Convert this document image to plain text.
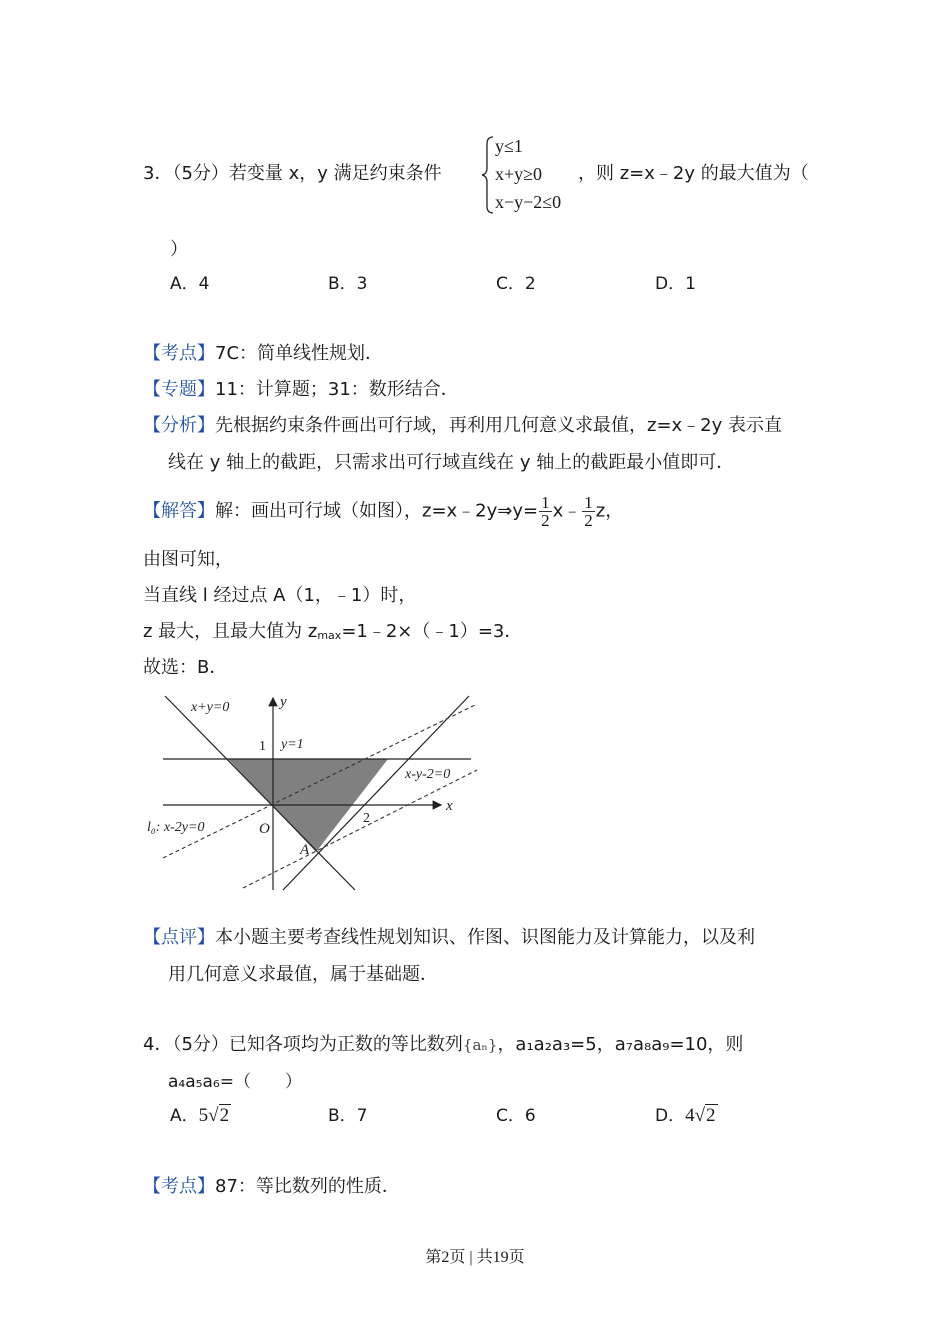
3．（5分）若变量 x，y 满足约束条件
y≤1
x+y≥0
x−y−2≤0
，则 z=x﹣2y 的最大值为（
）
A．4	B．3	C．2	D．1
【考点】7C：简单线性规划．
【专题】11：计算题；31：数形结合．
【分析】先根据约束条件画出可行域，再利用几何意义求最值，z=x﹣2y 表示直
线在 y 轴上的截距，只需求出可行域直线在 y 轴上的截距最小值即可．
【解答】解：画出可行域（如图），z=x﹣2y⇒y= $\frac{1}{2}$ x﹣ $\frac{1}{2}$ z，
由图可知，
当直线 l 经过点 A（1，﹣1）时，
z 最大，且最大值为 zmax=1﹣2×（﹣1）=3．
故选：B．
x+y=0	y
1 y=1
x-y-2=0
x
l₀: x-2y=0	O
2
A
【点评】本小题主要考查线性规划知识、作图、识图能力及计算能力，以及利
用几何意义求最值，属于基础题．
4．（5分）已知各项均为正数的等比数列{aₙ}，a₁a₂a₃=5，a₇a₈a₉=10，则
a₄a₅a₆=（　　）
A．5√2	B．7	C．6	D．4√2
【考点】87：等比数列的性质．
第2页 | 共19页
